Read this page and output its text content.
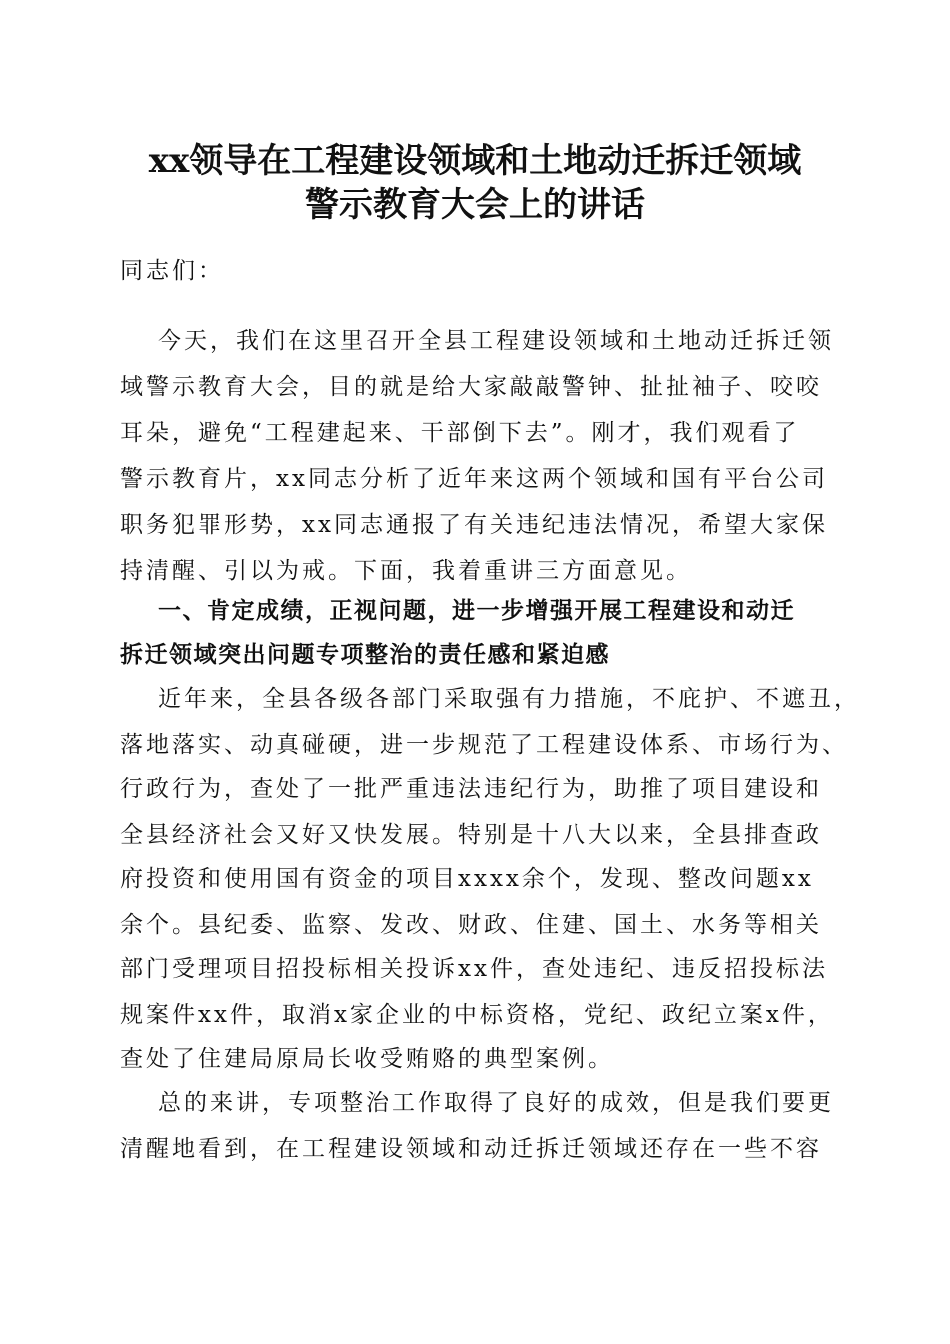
xx领导在工程建设领域和土地动迁拆迁领域
警示教育大会上的讲话
同志们：
今天，我们在这里召开全县工程建设领域和土地动迁拆迁领
域警示教育大会，目的就是给大家敲敲警钟、扯扯袖子、咬咬
耳朵，避免“工程建起来、干部倒下去”。刚才，我们观看了
警示教育片，xx同志分析了近年来这两个领域和国有平台公司
职务犯罪形势，xx同志通报了有关违纪违法情况，希望大家保
持清醒、引以为戒。下面，我着重讲三方面意见。
一、肯定成绩，正视问题，进一步增强开展工程建设和动迁
拆迁领域突出问题专项整治的责任感和紧迫感
近年来，全县各级各部门采取强有力措施，不庇护、不遮丑，
落地落实、动真碰硬，进一步规范了工程建设体系、市场行为、
行政行为，查处了一批严重违法违纪行为，助推了项目建设和
全县经济社会又好又快发展。特别是十八大以来，全县排查政
府投资和使用国有资金的项目xxxx余个，发现、整改问题xx
余个。县纪委、监察、发改、财政、住建、国土、水务等相关
部门受理项目招投标相关投诉xx件，查处违纪、违反招投标法
规案件xx件，取消x家企业的中标资格，党纪、政纪立案x件，
查处了住建局原局长收受贿赂的典型案例。
总的来讲，专项整治工作取得了良好的成效，但是我们要更
清醒地看到，在工程建设领域和动迁拆迁领域还存在一些不容
